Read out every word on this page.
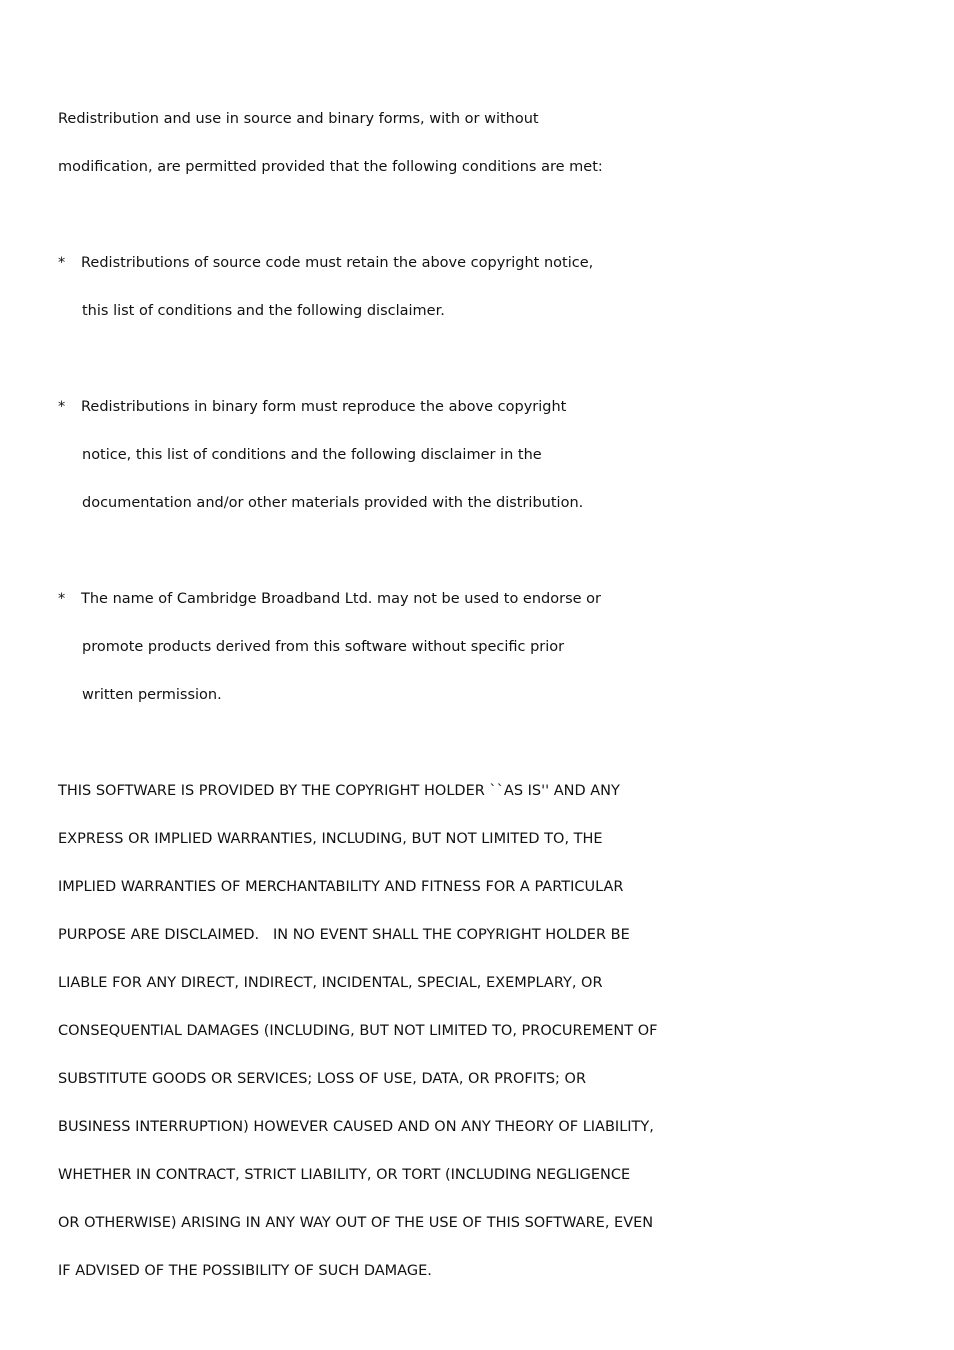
Redistribution and use in source and binary forms, with or without
modification, are permitted provided that the following conditions are met:
* Redistributions of source code must retain the above copyright notice,
this list of conditions and the following disclaimer.
* Redistributions in binary form must reproduce the above copyright
notice, this list of conditions and the following disclaimer in the
documentation and/or other materials provided with the distribution.
* The name of Cambridge Broadband Ltd. may not be used to endorse or
promote products derived from this software without specific prior
written permission.
THIS SOFTWARE IS PROVIDED BY THE COPYRIGHT HOLDER ``AS IS'' AND ANY
EXPRESS OR IMPLIED WARRANTIES, INCLUDING, BUT NOT LIMITED TO, THE
IMPLIED WARRANTIES OF MERCHANTABILITY AND FITNESS FOR A PARTICULAR
PURPOSE ARE DISCLAIMED.   IN NO EVENT SHALL THE COPYRIGHT HOLDER BE
LIABLE FOR ANY DIRECT, INDIRECT, INCIDENTAL, SPECIAL, EXEMPLARY, OR
CONSEQUENTIAL DAMAGES (INCLUDING, BUT NOT LIMITED TO, PROCUREMENT OF
SUBSTITUTE GOODS OR SERVICES; LOSS OF USE, DATA, OR PROFITS; OR
BUSINESS INTERRUPTION) HOWEVER CAUSED AND ON ANY THEORY OF LIABILITY,
WHETHER IN CONTRACT, STRICT LIABILITY, OR TORT (INCLUDING NEGLIGENCE
OR OTHERWISE) ARISING IN ANY WAY OUT OF THE USE OF THIS SOFTWARE, EVEN
IF ADVISED OF THE POSSIBILITY OF SUCH DAMAGE.
